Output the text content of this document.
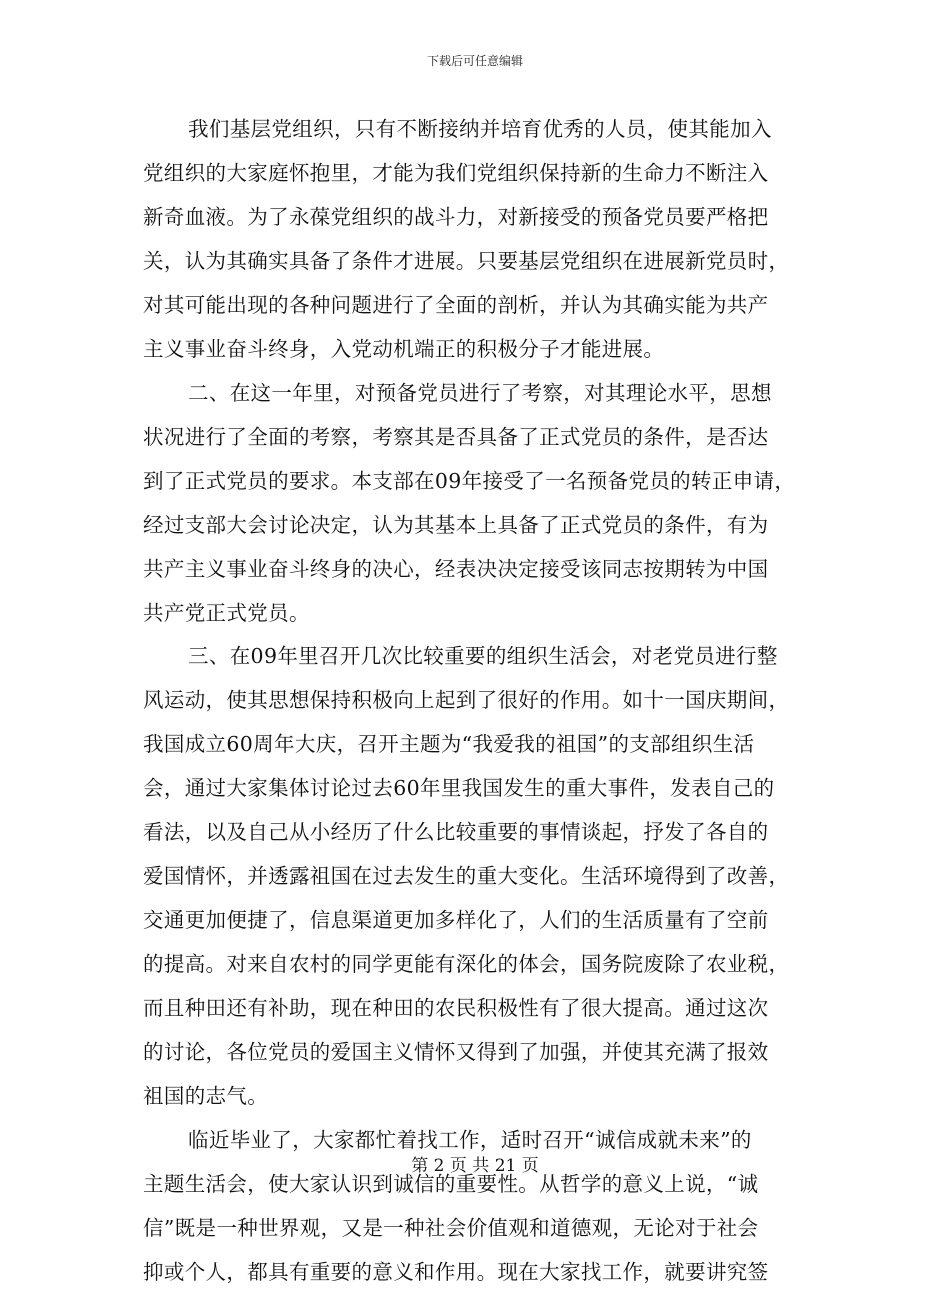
下载后可任意编辑
我们基层党组织，只有不断接纳并培育优秀的人员，使其能加入
党组织的大家庭怀抱里，才能为我们党组织保持新的生命力不断注入
新奇血液。为了永葆党组织的战斗力，对新接受的预备党员要严格把
关，认为其确实具备了条件才进展。只要基层党组织在进展新党员时，
对其可能出现的各种问题进行了全面的剖析，并认为其确实能为共产
主义事业奋斗终身，入党动机端正的积极分子才能进展。
二、在这一年里，对预备党员进行了考察，对其理论水平，思想
状况进行了全面的考察，考察其是否具备了正式党员的条件，是否达
到了正式党员的要求。本支部在09年接受了一名预备党员的转正申请，
经过支部大会讨论决定，认为其基本上具备了正式党员的条件，有为
共产主义事业奋斗终身的决心，经表决决定接受该同志按期转为中国
共产党正式党员。
三、在09年里召开几次比较重要的组织生活会，对老党员进行整
风运动，使其思想保持积极向上起到了很好的作用。如十一国庆期间，
我国成立60周年大庆，召开主题为“我爱我的祖国”的支部组织生活
会，通过大家集体讨论过去60年里我国发生的重大事件，发表自己的
看法，以及自己从小经历了什么比较重要的事情谈起，抒发了各自的
爱国情怀，并透露祖国在过去发生的重大变化。生活环境得到了改善，
交通更加便捷了，信息渠道更加多样化了，人们的生活质量有了空前
的提高。对来自农村的同学更能有深化的体会，国务院废除了农业税，
而且种田还有补助，现在种田的农民积极性有了很大提高。通过这次
的讨论，各位党员的爱国主义情怀又得到了加强，并使其充满了报效
祖国的志气。
临近毕业了，大家都忙着找工作，适时召开“诚信成就未来”的
主题生活会，使大家认识到诚信的重要性。从哲学的意义上说，“诚
信”既是一种世界观，又是一种社会价值观和道德观，无论对于社会
抑或个人，都具有重要的意义和作用。现在大家找工作，就要讲究签
第 2 页 共 21 页
